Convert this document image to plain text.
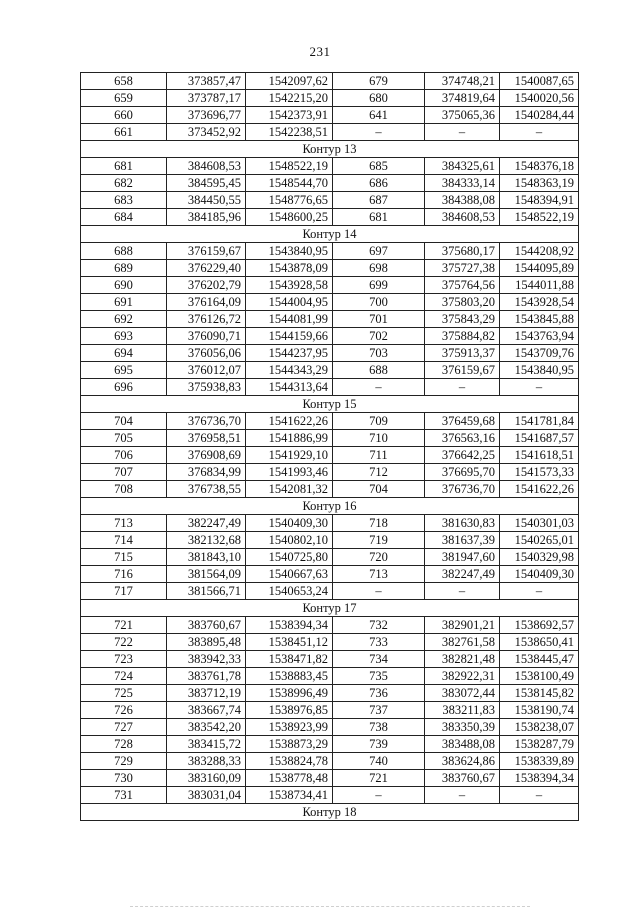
231
658	373857,47	1542097,62	679	374748,21	1540087,65
659	373787,17	1542215,20	680	374819,64	1540020,56
660	373696,77	1542373,91	641	375065,36	1540284,44
661	373452,92	1542238,51	–	–	–
Контур 13					
681	384608,53	1548522,19	685	384325,61	1548376,18
682	384595,45	1548544,70	686	384333,14	1548363,19
683	384450,55	1548776,65	687	384388,08	1548394,91
684	384185,96	1548600,25	681	384608,53	1548522,19
Контур 14					
688	376159,67	1543840,95	697	375680,17	1544208,92
689	376229,40	1543878,09	698	375727,38	1544095,89
690	376202,79	1543928,58	699	375764,56	1544011,88
691	376164,09	1544004,95	700	375803,20	1543928,54
692	376126,72	1544081,99	701	375843,29	1543845,88
693	376090,71	1544159,66	702	375884,82	1543763,94
694	376056,06	1544237,95	703	375913,37	1543709,76
695	376012,07	1544343,29	688	376159,67	1543840,95
696	375938,83	1544313,64	–	–	–
Контур 15					
704	376736,70	1541622,26	709	376459,68	1541781,84
705	376958,51	1541886,99	710	376563,16	1541687,57
706	376908,69	1541929,10	711	376642,25	1541618,51
707	376834,99	1541993,46	712	376695,70	1541573,33
708	376738,55	1542081,32	704	376736,70	1541622,26
Контур 16					
713	382247,49	1540409,30	718	381630,83	1540301,03
714	382132,68	1540802,10	719	381637,39	1540265,01
715	381843,10	1540725,80	720	381947,60	1540329,98
716	381564,09	1540667,63	713	382247,49	1540409,30
717	381566,71	1540653,24	–	–	–
Контур 17					
721	383760,67	1538394,34	732	382901,21	1538692,57
722	383895,48	1538451,12	733	382761,58	1538650,41
723	383942,33	1538471,82	734	382821,48	1538445,47
724	383761,78	1538883,45	735	382922,31	1538100,49
725	383712,19	1538996,49	736	383072,44	1538145,82
726	383667,74	1538976,85	737	383211,83	1538190,74
727	383542,20	1538923,99	738	383350,39	1538238,07
728	383415,72	1538873,29	739	383488,08	1538287,79
729	383288,33	1538824,78	740	383624,86	1538339,89
730	383160,09	1538778,48	721	383760,67	1538394,34
731	383031,04	1538734,41	–	–	–
Контур 18					
